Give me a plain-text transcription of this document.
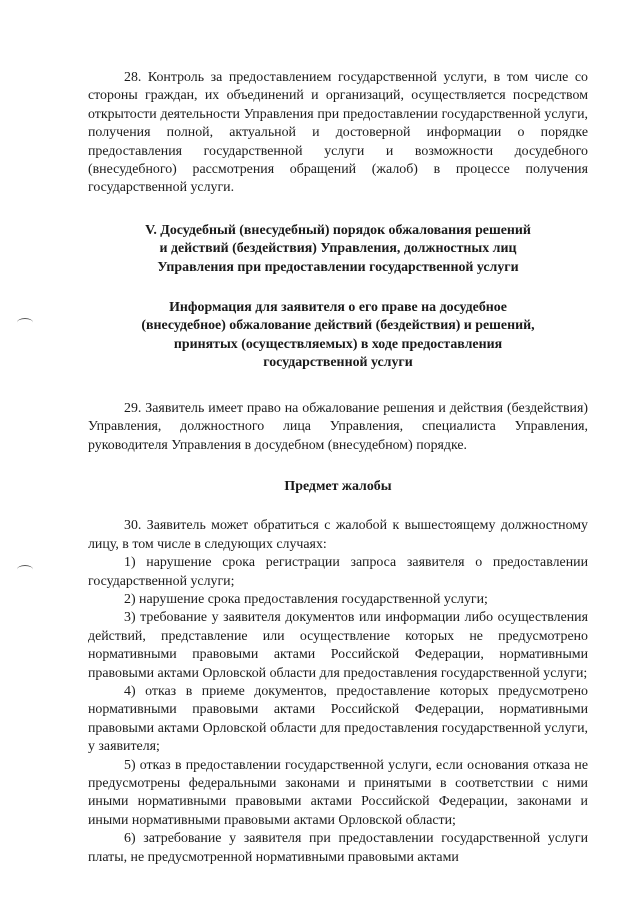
28. Контроль за предоставлением государственной услуги, в том числе со стороны граждан, их объединений и организаций, осуществляется посредством открытости деятельности Управления при предоставлении государственной услуги, получения полной, актуальной и достоверной информации о порядке предоставления государственной услуги и возможности досудебного (внесудебного) рассмотрения обращений (жалоб) в процессе получения государственной услуги.

V. Досудебный (внесудебный) порядок обжалования решений
и действий (бездействия) Управления, должностных лиц
Управления при предоставлении государственной услуги
Информация для заявителя о его праве на досудебное
(внесудебное) обжалование действий (бездействия) и решений,
принятых (осуществляемых) в ходе предоставления
государственной услуги

29. Заявитель имеет право на обжалование решения и действия (бездействия) Управления, должностного лица Управления, специалиста Управления, руководителя Управления в досудебном (внесудебном) порядке.

Предмет жалобы

30. Заявитель может обратиться с жалобой к вышестоящему должностному лицу, в том числе в следующих случаях:

1) нарушение срока регистрации запроса заявителя о предоставлении государственной услуги;

2) нарушение срока предоставления государственной услуги;

3) требование у заявителя документов или информации либо осуществления действий, представление или осуществление которых не предусмотрено нормативными правовыми актами Российской Федерации, нормативными правовыми актами Орловской области для предоставления государственной услуги;

4) отказ в приеме документов, предоставление которых предусмотрено нормативными правовыми актами Российской Федерации, нормативными правовыми актами Орловской области для предоставления государственной услуги, у заявителя;

5) отказ в предоставлении государственной услуги, если основания отказа не предусмотрены федеральными законами и принятыми в соответствии с ними иными нормативными правовыми актами Российской Федерации, законами и иными нормативными правовыми актами Орловской области;

6) затребование у заявителя при предоставлении государственной услуги платы, не предусмотренной нормативными правовыми актами
